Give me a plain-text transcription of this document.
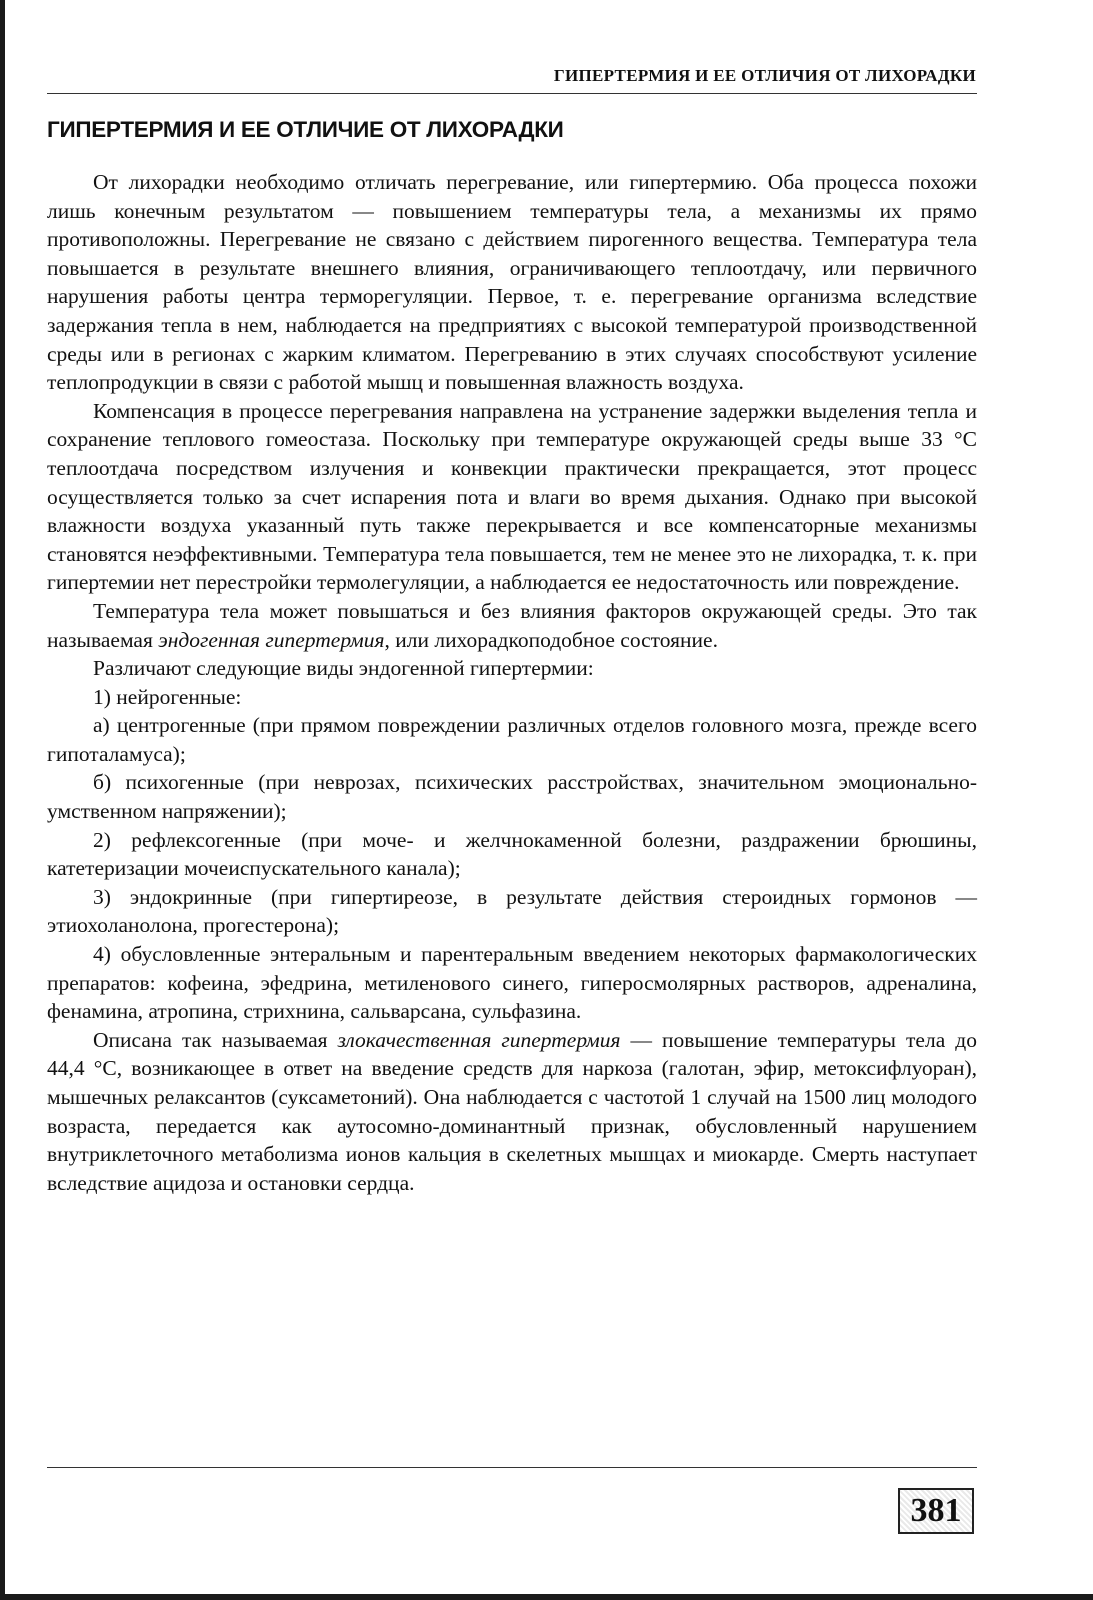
ГИПЕРТЕРМИЯ И ЕЕ ОТЛИЧИЯ ОТ ЛИХОРАДКИ
ГИПЕРТЕРМИЯ И ЕЕ ОТЛИЧИЕ ОТ ЛИХОРАДКИ

От лихорадки необходимо отличать перегревание, или гипертермию. Оба процесса похожи лишь конечным результатом — повышением температуры тела, а механизмы их прямо противоположны. Перегревание не связано с действием пирогенного вещества. Температура тела повышается в результате внешнего влияния, ограничивающего теплоотдачу, или первичного нарушения работы центра терморегуляции. Первое, т. е. перегревание организма вследствие задержания тепла в нем, наблюдается на предприятиях с высокой температурой производственной среды или в регионах с жарким климатом. Перегреванию в этих случаях способствуют усиление теплопродукции в связи с работой мышц и повышенная влажность воздуха.

Компенсация в процессе перегревания направлена на устранение задержки выделения тепла и сохранение теплового гомеостаза. Поскольку при температуре окружающей среды выше 33 °С теплоотдача посредством излучения и конвекции практически прекращается, этот процесс осуществляется только за счет испарения пота и влаги во время дыхания. Однако при высокой влажности воздуха указанный путь также перекрывается и все компенсаторные механизмы становятся неэффективными. Температура тела повышается, тем не менее это не лихорадка, т. к. при гипертемии нет перестройки термолегуляции, а наблюдается ее недостаточность или повреждение.

Температура тела может повышаться и без влияния факторов окружающей среды. Это так называемая эндогенная гипертермия, или лихорадкоподобное состояние.

Различают следующие виды эндогенной гипертермии:

1) нейрогенные:

а) центрогенные (при прямом повреждении различных отделов головного мозга, прежде всего гипоталамуса);

б) психогенные (при неврозах, психических расстройствах, значительном эмоционально-умственном напряжении);

2) рефлексогенные (при моче- и желчнокаменной болезни, раздражении брюшины, катетеризации мочеиспускательного канала);

3) эндокринные (при гипертиреозе, в результате действия стероидных гормонов — этиохоланолона, прогестерона);

4) обусловленные энтеральным и парентеральным введением некоторых фармакологических препаратов: кофеина, эфедрина, метиленового синего, гиперосмолярных растворов, адреналина, фенамина, атропина, стрихнина, сальварсана, сульфазина.

Описана так называемая злокачественная гипертермия — повышение температуры тела до 44,4 °С, возникающее в ответ на введение средств для наркоза (галотан, эфир, метоксифлуоран), мышечных релаксантов (суксаметоний). Она наблюдается с частотой 1 случай на 1500 лиц молодого возраста, передается как аутосомно-доминантный признак, обусловленный нарушением внутриклеточного метаболизма ионов кальция в скелетных мышцах и миокарде. Смерть наступает вследствие ацидоза и остановки сердца.

381
